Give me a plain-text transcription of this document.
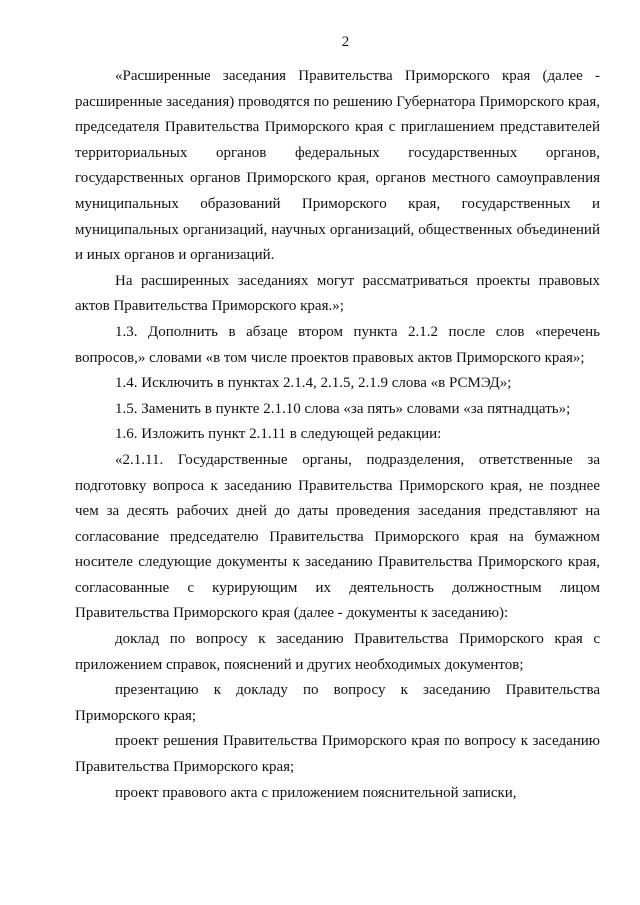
2

«Расширенные заседания Правительства Приморского края (далее - расширенные заседания) проводятся по решению Губернатора Приморского края, председателя Правительства Приморского края с приглашением представителей территориальных органов федеральных государственных органов, государственных органов Приморского края, органов местного самоуправления муниципальных образований Приморского края, государственных и муниципальных организаций, научных организаций, общественных объединений и иных органов и организаций.

На расширенных заседаниях могут рассматриваться проекты правовых актов Правительства Приморского края.»;

1.3. Дополнить в абзаце втором пункта 2.1.2 после слов «перечень вопросов,» словами «в том числе проектов правовых актов Приморского края»;

1.4. Исключить в пунктах 2.1.4, 2.1.5, 2.1.9 слова «в РСМЭД»;

1.5. Заменить в пункте 2.1.10 слова «за пять» словами «за пятнадцать»;

1.6. Изложить пункт 2.1.11 в следующей редакции:

«2.1.11. Государственные органы, подразделения, ответственные за подготовку вопроса к заседанию Правительства Приморского края, не позднее чем за десять рабочих дней до даты проведения заседания представляют на согласование председателю Правительства Приморского края на бумажном носителе следующие документы к заседанию Правительства Приморского края, согласованные с курирующим их деятельность должностным лицом Правительства Приморского края (далее - документы к заседанию):

доклад по вопросу к заседанию Правительства Приморского края с приложением справок, пояснений и других необходимых документов;

презентацию к докладу по вопросу к заседанию Правительства Приморского края;

проект решения Правительства Приморского края по вопросу к заседанию Правительства Приморского края;

проект правового акта с приложением пояснительной записки,
